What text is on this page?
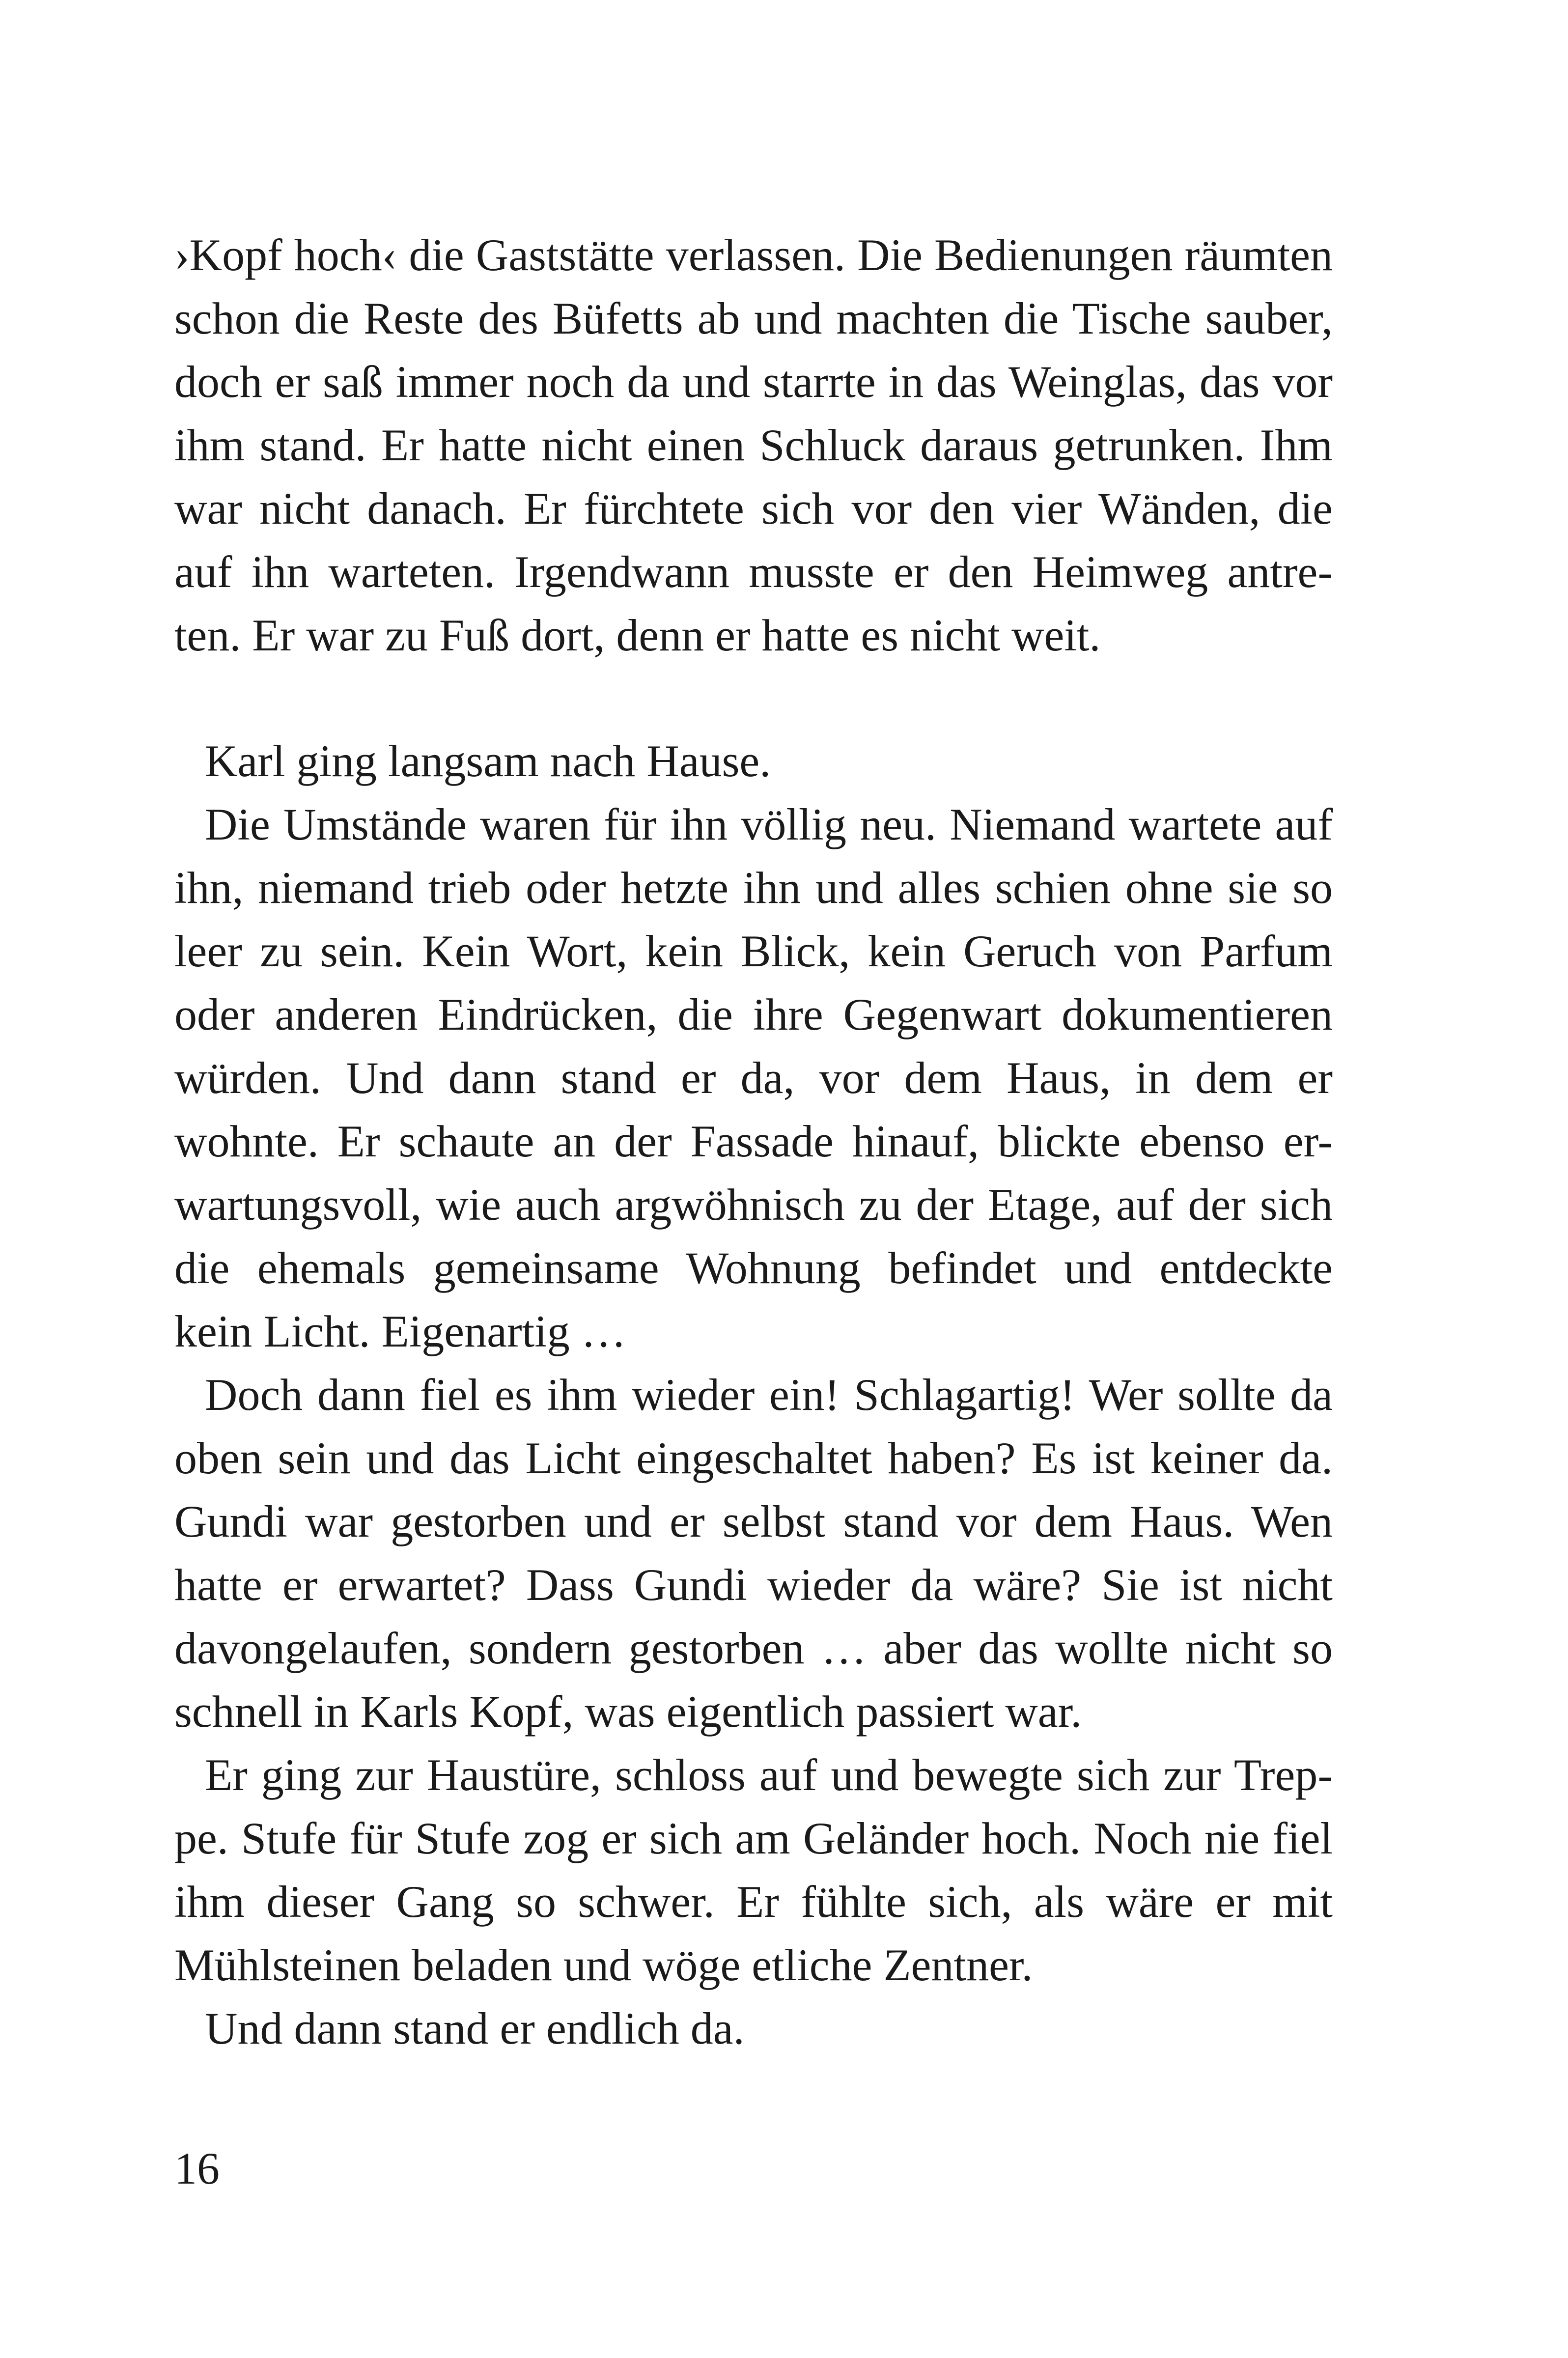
›Kopf hoch‹ die Gaststätte verlassen. Die Bedienungen räumten
schon die Reste des Büfetts ab und machten die Tische sauber,
doch er saß immer noch da und starrte in das Weinglas, das vor
ihm stand. Er hatte nicht einen Schluck daraus getrunken. Ihm
war nicht danach. Er fürchtete sich vor den vier Wänden, die
auf ihn warteten. Irgendwann musste er den Heimweg antre-
ten. Er war zu Fuß dort, denn er hatte es nicht weit.
Karl ging langsam nach Hause.
Die Umstände waren für ihn völlig neu. Niemand wartete auf
ihn, niemand trieb oder hetzte ihn und alles schien ohne sie so
leer zu sein. Kein Wort, kein Blick, kein Geruch von Parfum
oder anderen Eindrücken, die ihre Gegenwart dokumentieren
würden. Und dann stand er da, vor dem Haus, in dem er
wohnte. Er schaute an der Fassade hinauf, blickte ebenso er-
wartungsvoll, wie auch argwöhnisch zu der Etage, auf der sich
die ehemals gemeinsame Wohnung befindet und entdeckte
kein Licht. Eigenartig …
Doch dann fiel es ihm wieder ein! Schlagartig! Wer sollte da
oben sein und das Licht eingeschaltet haben? Es ist keiner da.
Gundi war gestorben und er selbst stand vor dem Haus. Wen
hatte er erwartet? Dass Gundi wieder da wäre? Sie ist nicht
davongelaufen, sondern gestorben … aber das wollte nicht so
schnell in Karls Kopf, was eigentlich passiert war.
Er ging zur Haustüre, schloss auf und bewegte sich zur Trep-
pe. Stufe für Stufe zog er sich am Geländer hoch. Noch nie fiel
ihm dieser Gang so schwer. Er fühlte sich, als wäre er mit
Mühlsteinen beladen und wöge etliche Zentner.
Und dann stand er endlich da.
16
